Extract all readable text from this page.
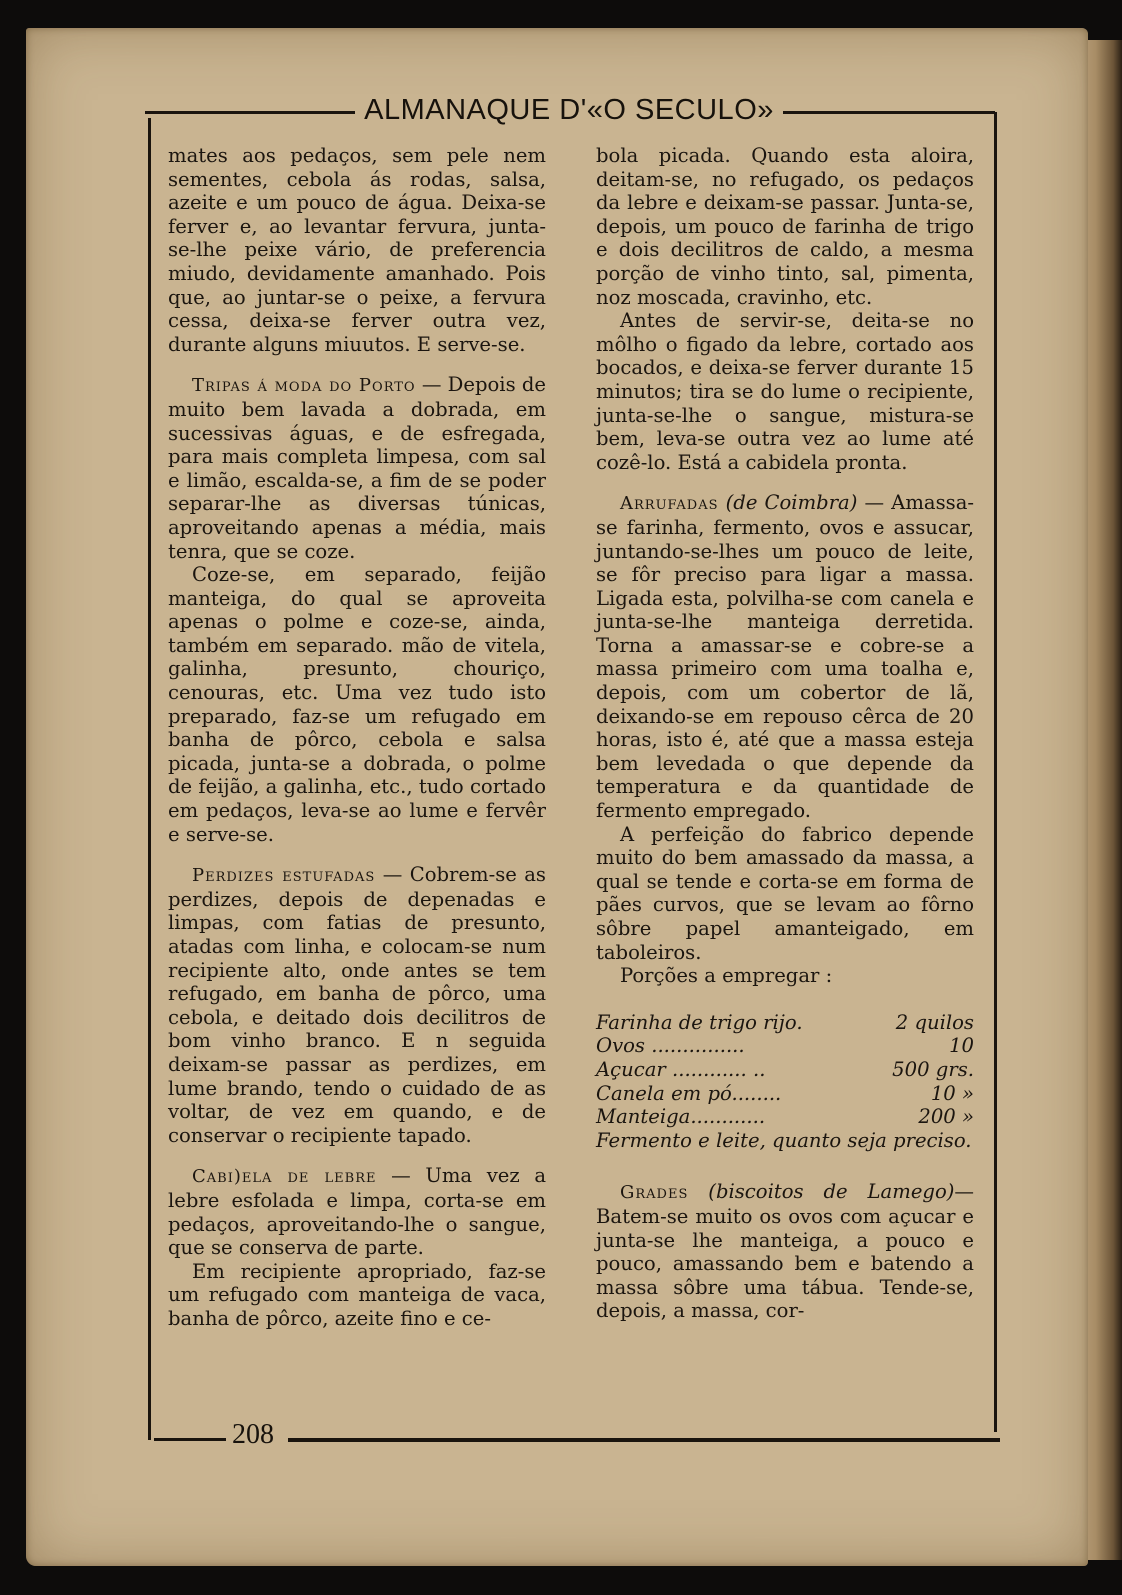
ALMANAQUE D'«O SECULO»

mates aos pedaços, sem pele nem sementes, cebola ás rodas, salsa, azeite e um pouco de água. Deixa-se ferver e, ao levantar fervura, junta-se-lhe peixe vário, de preferencia miudo, devidamente amanhado. Pois que, ao juntar-se o peixe, a fervura cessa, deixa-se ferver outra vez, durante alguns miuutos. E serve-se.

Tripas á moda do Porto — Depois de muito bem lavada a dobrada, em sucessivas águas, e de esfregada, para mais completa limpesa, com sal e limão, escalda-se, a fim de se poder separar-lhe as diversas túnicas, aproveitando apenas a média, mais tenra, que se coze.

Coze-se, em separado, feijão manteiga, do qual se aproveita apenas o polme e coze-se, ainda, também em separado. mão de vitela, galinha, presunto, chouriço, cenouras, etc. Uma vez tudo isto preparado, faz-se um refugado em banha de pôrco, cebola e salsa picada, junta-se a dobrada, o polme de feijão, a galinha, etc., tudo cortado em pedaços, leva-se ao lume e fervêr e serve-se.

Perdizes estufadas — Cobrem-se as perdizes, depois de depenadas e limpas, com fatias de presunto, atadas com linha, e colocam-se num recipiente alto, onde antes se tem refugado, em banha de pôrco, uma cebola, e deitado dois decilitros de bom vinho branco. E n seguida deixam-se passar as perdizes, em lume brando, tendo o cuidado de as voltar, de vez em quando, e de conservar o recipiente tapado.

Cabi)ela de lebre — Uma vez a lebre esfolada e limpa, corta-se em pedaços, aproveitando-lhe o sangue, que se conserva de parte.

Em recipiente apropriado, faz-se um refugado com manteiga de vaca, banha de pôrco, azeite fino e ce-

bola picada. Quando esta aloira, deitam-se, no refugado, os pedaços da lebre e deixam-se passar. Junta-se, depois, um pouco de farinha de trigo e dois decilitros de caldo, a mesma porção de vinho tinto, sal, pimenta, noz moscada, cravinho, etc.

Antes de servir-se, deita-se no môlho o figado da lebre, cortado aos bocados, e deixa-se ferver durante 15 minutos; tira se do lume o recipiente, junta-se-lhe o sangue, mistura-se bem, leva-se outra vez ao lume até cozê-lo. Está a cabidela pronta.

Arrufadas (de Coimbra) — Amassa-se farinha, fermento, ovos e assucar, juntando-se-lhes um pouco de leite, se fôr preciso para ligar a massa. Ligada esta, polvilha-se com canela e junta-se-lhe manteiga derretida. Torna a amassar-se e cobre-se a massa primeiro com uma toalha e, depois, com um cobertor de lã, deixando-se em repouso cêrca de 20 horas, isto é, até que a massa esteja bem levedada o que depende da temperatura e da quantidade de fermento empregado.

A perfeição do fabrico depende muito do bem amassado da massa, a qual se tende e corta-se em forma de pães curvos, que se levam ao fôrno sôbre papel amanteigado, em taboleiros.

Porções a empregar :

Farinha de trigo rijo.	2 quilos
Ovos ...............	10
Açucar ............ ..	500 grs.
Canela em pó........	10 »
Manteiga............	200 »

Fermento e leite, quanto seja preciso.

Grades (biscoitos de Lamego)— Batem-se muito os ovos com açucar e junta-se lhe manteiga, a pouco e pouco, amassando bem e batendo a massa sôbre uma tábua. Tende-se, depois, a massa, cor-

208
